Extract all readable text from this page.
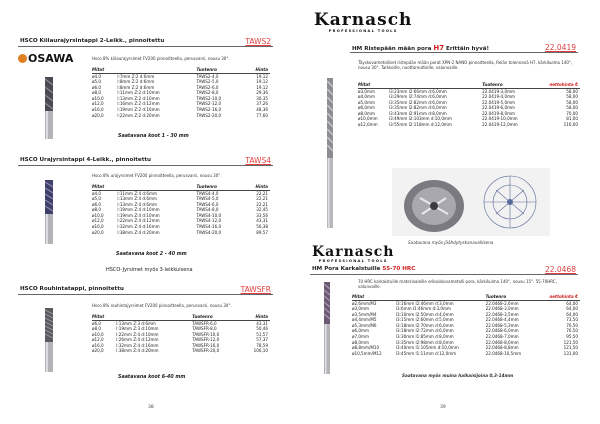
HSCO Kiilaurajyrsintappi 2-Leikk., pinnoitettu	TAWS2
OSAWA	Hsco 8% kiilaurajyrsimet FV200 pinnoitteella, perusvarsi, nousu 30°.
Mitat		Tuotenro	Hinta
ø4,0	l:7mm Z:2 d:6mm	TAWS2-4,0	19,12
ø5,0	l:8mm Z:2 d:6mm	TAWS2-5,0	19,12
ø6,0	l:8mm Z:2 d:6mm	TAWS2-6,0	19,12
ø8,0	l:11mm Z:2 d:10mm	TAWS2-8,0	29,36
ø10,0	l:13mm Z:2 d:10mm	TAWS2-10,0	30,35
ø12,0	l:16mm Z:2 d:12mm	TAWS2-12,0	37,26
ø16,0	l:19mm Z:2 d:16mm	TAWS2-16,0	48,36
ø20,0	l:22mm Z:2 d:20mm	TAWS2-20,0	77,60
Saatavana koot 1 - 30 mm
HSCO Urajyrsintappi 4-Leikk., pinnoitettu	TAWS4
Hsco 8% urajyrsimet FV200 pinnoitteella, perusvarsi, nousu 30°.
Mitat		Tuotenro	Hinta
ø4,0	l:11mm Z:4 d:6mm	TAWS4-4,0	22,21
ø5,0	l:13mm Z:4 d:6mm	TAWS4-5,0	22,21
ø6,0	l:13mm Z:4 d:6mm	TAWS4-6,0	22,21
ø8,0	l:19mm Z:4 d:10mm	TAWS4-8,0	32,45
ø10,0	l:19mm Z:4 d:10mm	TAWS4-10,0	33,56
ø12,0	l:22mm Z:4 d:12mm	TAWS4-12,0	43,31
ø16,0	l:32mm Z:4 d:16mm	TAWS4-16,0	56,38
ø20,0	l:38mm Z:4 d:20mm	TAWS4-20,0	89,57
Saatavana koot 2 - 40 mm
HSCO-Jyrsimet myös 3-leikkuisena
HSCO Rouhintatappi, pinnoitettu	TAWSFR
Hsco 8% rouhintajyrsimet FV200 pinnoitteella, perusvarsi, nousu 30°.
Mitat		Tuotenro	Hinta
ø6,0	l:13mm Z:3 d:6mm	TAWSFR-6,0	43,31
ø8,0	l:19mm Z:3 d:10mm	TAWSFR-8,0	50,46
ø10,0	l:22mm Z:4 d:10mm	TAWSFR-10,0	51,57
ø12,0	l:26mm Z:4 d:12mm	TAWSFR-12,0	57,37
ø16,0	l:32mm Z:4 d:16mm	TAWSFR-16,0	78,59
ø20,0	l:38mm Z:4 d:20mm	TAWSFR-20,0	106,10
Saatavana koot 6-40 mm
38
Karnasch
PROFESSIONAL TOOLS
HM Ristepään mään pora H7 Erittäin hyvä!	22.0419
Täyskovametalliset ristepään mään porat XPN-2 NANO pinnoitteella, Reiän tolennanä H7, kärkikulma 140°, nousu 30°. Tarkkoille, nuottoreuttoille, valunvaille.
Mitat		Tuotenro	nettohinta €
ø3,0mm	l3:23mm l2:66mm d:6,0mm	22.0419-3,0mm	58,00
ø4,0mm	l3:29mm l2:74mm d:6,0mm	22.0419-4,0mm	58,00
ø5,0mm	l3:35mm l2:82mm d:6,0mm	22.0419-5,0mm	58,00
ø6,0mm	l3:35mm l2:82mm d:6,0mm	22.0419-6,0mm	58,00
ø8,0mm	l3:43mm l2:91mm d:8,0mm	22.0419-8,0mm	70,00
ø10,0mm	l3:49mm l2:103mm d:10,0mm	22.0419-10,0mm	81,00
ø12,0mm	l3:55mm l2:118mm d:12,0mm	22.0419-12,0mm	116,00
Saatavana myös jäähdytyskanavallisena
Karnasch
PROFESSIONAL TOOLS
HM Pora Karkaistuille 55-70 HRC	22.0468
70 HRC karkaistuille materiaaleille erikoiskovametalli pora, kärkikulma 140°, nousu 15°. 55-70HRC, valunvaille.
Mitat		Tuotenro	nettohinta €
ø2,6mm/M3	l3:16mm l2:46mm d:3,0mm	22.0468-2,6mm	64,00
ø3,0mm	l3:6mm l1:46mm d:3,0mm	22.0468-3,0mm	64,00
ø3,5mm/M4	l3:10mm l2:50mm d:4,0mm	22.0468-3,5mm	64,00
ø4,4mm/M5	l3:15mm l2:60mm d:5,0mm	22.0468-4,4mm	73,50
ø5,3mm/M6	l3:18mm l2:70mm d:6,0mm	22.0468-5,3mm	76,50
ø6,0mm	l3:18mm l2:72mm d:6,0mm	22.0468-6,0mm	76,50
ø7,0mm	l3:30mm l1:85mm d:8,0mm	22.0468-7,0mm	95,50
ø8,0mm	l3:35mm l2:98mm d:8,0mm	22.0468-8,0mm	121,50
ø8,8mm/M10	l3:40mm l1:105mm d:10,0mm	22.0468-8,8mm	121,50
ø10,5mm/M12	l3:45mm l1:11mm d:12,0mm	22.0468-10,5mm	131,00
Saatavana myös muina halkaisijoina 0,3-14mm
39
